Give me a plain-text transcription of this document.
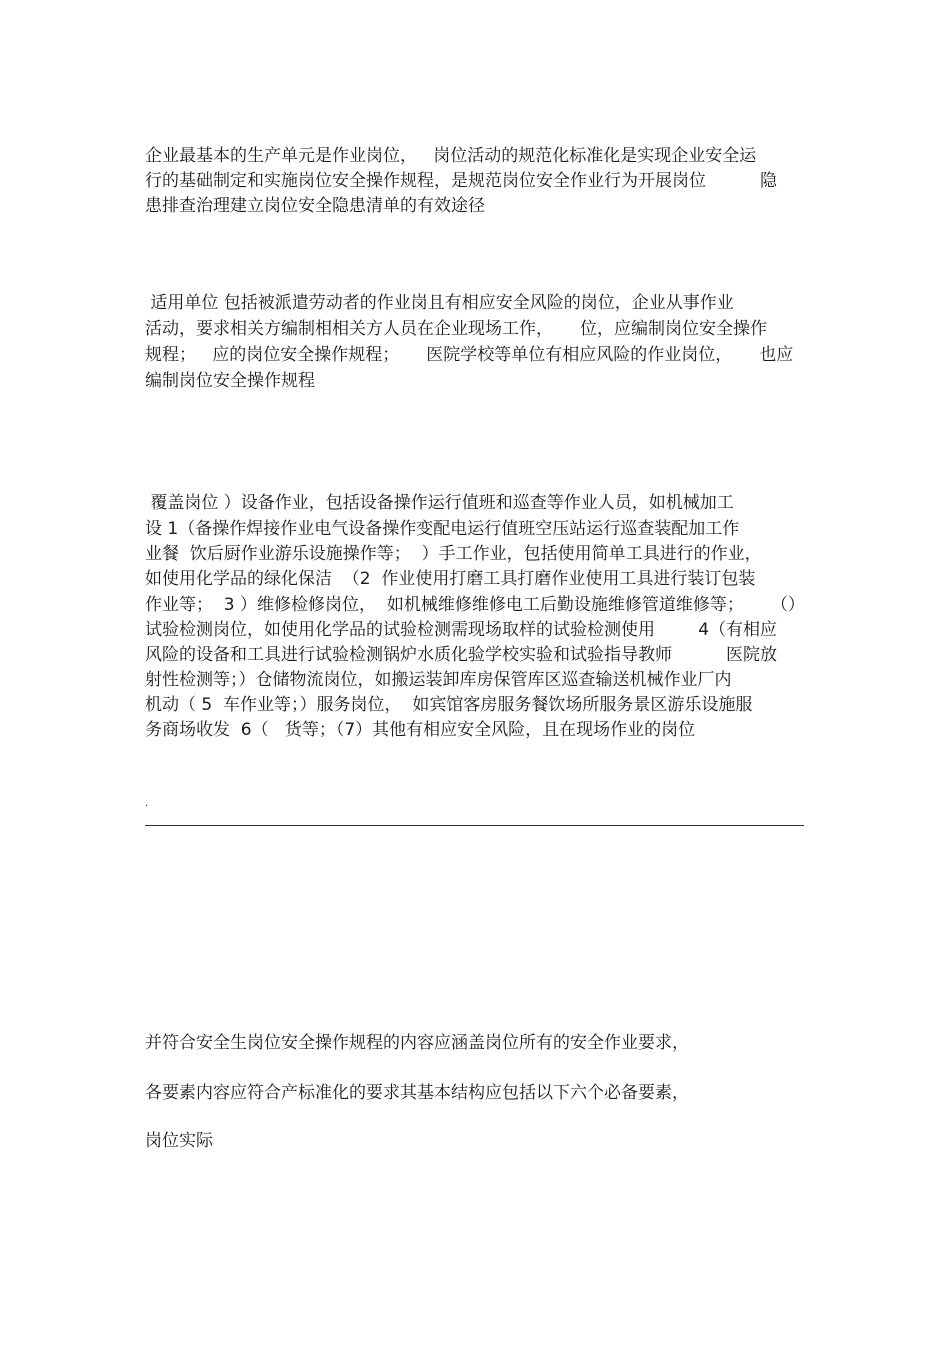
企业最基本的生产单元是作业岗位，   岗位活动的规范化标准化是实现企业安全运
行的基础制定和实施岗位安全操作规程，是规范岗位安全作业行为开展岗位          隐
患排查治理建立岗位安全隐患清单的有效途径
适用单位 包括被派遣劳动者的作业岗且有相应安全风险的岗位，企业从事作业
活动，要求相关方编制相相关方人员在企业现场工作，     位，应编制岗位安全操作
规程；   应的岗位安全操作规程；     医院学校等单位有相应风险的作业岗位，     也应
编制岗位安全操作规程
覆盖岗位 ）设备作业，包括设备操作运行值班和巡查等作业人员，如机械加工
设 1（备操作焊接作业电气设备操作变配电运行值班空压站运行巡查装配加工作
业餐  饮后厨作业游乐设施操作等；  ）手工作业，包括使用简单工具进行的作业，
如使用化学品的绿化保洁  （2  作业使用打磨工具打磨作业使用工具进行装订包装
作业等；  3 ）维修检修岗位，  如机械维修维修电工后勤设施维修管道维修等；     （）
试验检测岗位，如使用化学品的试验检测需现场取样的试验检测使用        4（有相应
风险的设备和工具进行试验检测锅炉水质化验学校实验和试验指导教师          医院放
射性检测等；）仓储物流岗位，如搬运装卸库房保管库区巡查输送机械作业厂内
机动（ 5  车作业等；）服务岗位，  如宾馆客房服务餐饮场所服务景区游乐设施服
务商场收发  6（   货等；（7）其他有相应安全风险，且在现场作业的岗位
.
并符合安全生岗位安全操作规程的内容应涵盖岗位所有的安全作业要求，
各要素内容应符合产标准化的要求其基本结构应包括以下六个必备要素，
岗位实际
